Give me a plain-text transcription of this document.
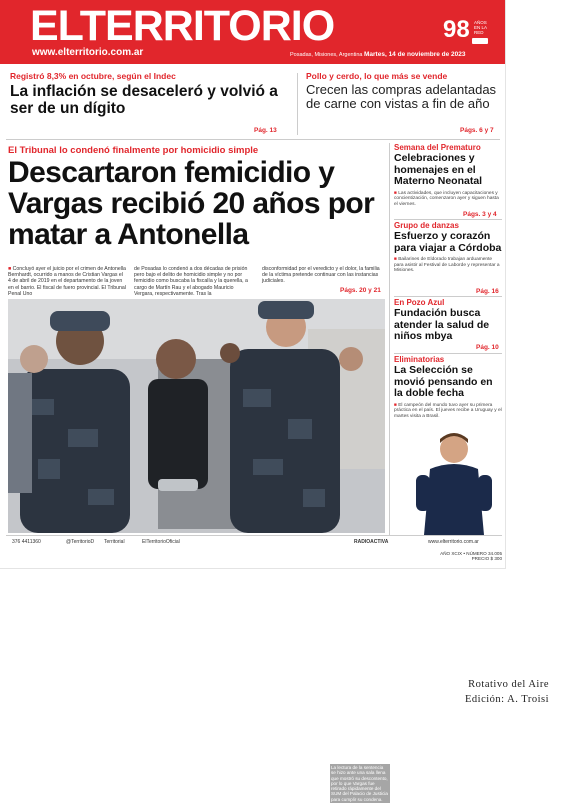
ELTERRITORIO
www.elterritorio.com.ar	Posadas, Misiones, Argentina Martes, 14 de noviembre de 2023
98 AÑOS EN LA RED
Registró 8,3% en octubre, según el Indec
La inflación se desaceleró y volvió a ser de un dígito
Pág. 13
Pollo y cerdo, lo que más se vende
Crecen las compras adelantadas de carne con vistas a fin de año
Págs. 6 y 7
El Tribunal lo condenó finalmente por homicidio simple
Descartaron femicidio y Vargas recibió 20 años por matar a Antonella
■ Concluyó ayer el juicio por el crimen de Antonella Bernhardt, ocurrido a manos de Cristian Vargas el 4 de abril de 2019 en el departamento de la joven en el barrio. El fiscal de fuero provincial. El Tribunal Penal Uno
de Posadas lo condenó a dos décadas de prisión pero bajo el delito de homicidio simple y no por femicidio como buscaba la fiscalía y la querella, a cargo de Martín Rau y el abogado Mauricio Vergara, respectivamente. Tras la
disconformidad por el veredicto y el dolor, la familia de la víctima pretende continuar con las instancias judiciales.
Págs. 20 y 21
La lectura de la sentencia se hizo ante una sala llena que mostró su descontento, por lo que Vargas fue retirado rápidamente del SUM del Palacio de Justicia para cumplir su condena.
Semana del Prematuro
Celebraciones y homenajes en el Materno Neonatal
■ Las actividades, que incluyen capacitaciones y concientización, comenzaron ayer y siguen hasta el viernes.
Págs. 3 y 4
Grupo de danzas
Esfuerzo y corazón para viajar a Córdoba
■ Bailarines de Eldorado trabajan arduamente para asistir al Festival de Laborde y representar a Misiones.
Pág. 16
En Pozo Azul
Fundación busca atender la salud de niños mbya
Pág. 10
Eliminatorias
La Selección se movió pensando en la doble fecha
■ El campeón del mundo tuvo ayer su primera práctica en el país. El jueves recibe a Uruguay y el martes visita a Brasil.
376 4411360	@TerritorioD Territorial	ElTerritorioOficial	RADIOACTIVA	www.elterritorio.com.ar
AÑO XCIX • NÚMERO 34.005
PRECIO $ 300
Rotativo del Aire
Edición: A. Troisi
